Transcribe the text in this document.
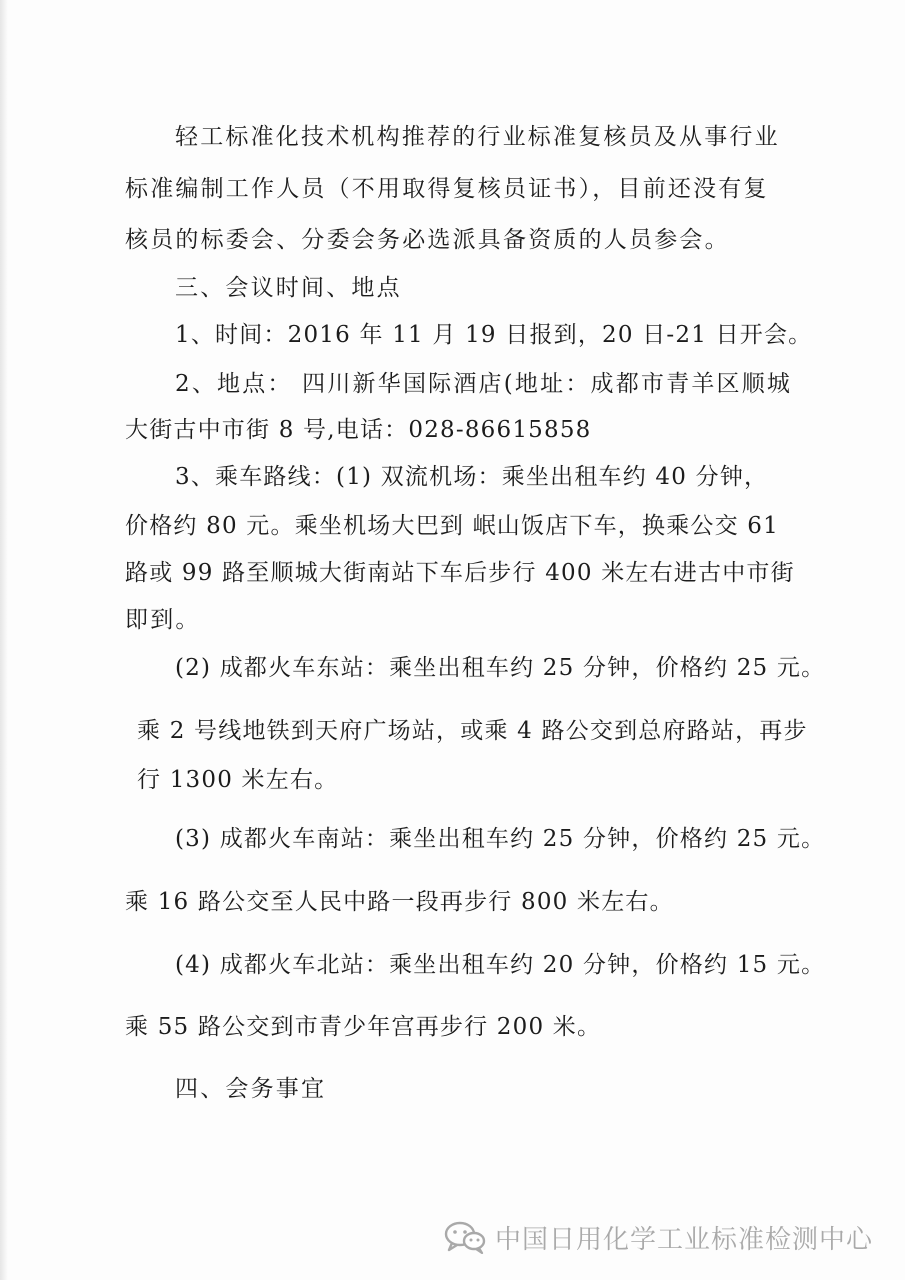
轻工标准化技术机构推荐的行业标准复核员及从事行业
标准编制工作人员（不用取得复核员证书），目前还没有复
核员的标委会、分委会务必选派具备资质的人员参会。
三、会议时间、地点
1、时间：2016 年 11 月 19 日报到，20 日-21 日开会。
2、地点： 四川新华国际酒店(地址：成都市青羊区顺城
大街古中市街 8 号,电话：028-86615858
3、乘车路线：(1) 双流机场：乘坐出租车约 40 分钟，
价格约 80 元。乘坐机场大巴到 岷山饭店下车，换乘公交 61
路或 99 路至顺城大街南站下车后步行 400 米左右进古中市街
即到。
(2) 成都火车东站：乘坐出租车约 25 分钟，价格约 25 元。
乘 2 号线地铁到天府广场站，或乘 4 路公交到总府路站，再步
行 1300 米左右。
(3) 成都火车南站：乘坐出租车约 25 分钟，价格约 25 元。
乘 16 路公交至人民中路一段再步行 800 米左右。
(4) 成都火车北站：乘坐出租车约 20 分钟，价格约 15 元。
乘 55 路公交到市青少年宫再步行 200 米。
四、会务事宜
中国日用化学工业标准检测中心
